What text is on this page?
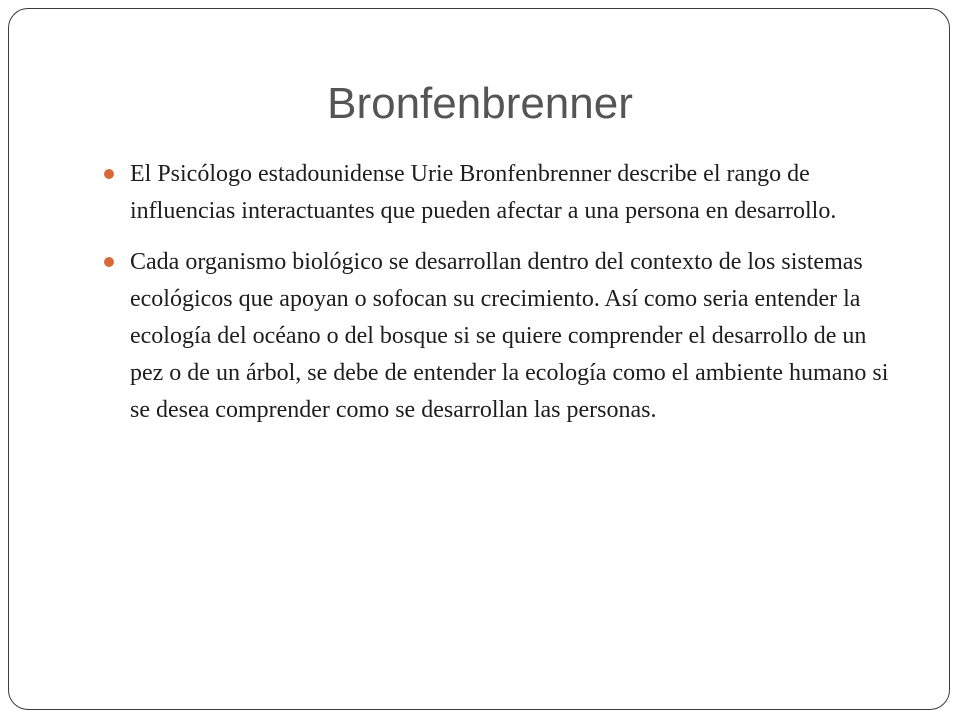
Bronfenbrenner
El Psicólogo estadounidense Urie Bronfenbrenner describe el rango de influencias interactuantes que pueden afectar a una persona en desarrollo.
Cada organismo biológico se desarrollan dentro del contexto de los sistemas ecológicos que apoyan o sofocan su crecimiento. Así como seria entender la ecología del océano o del bosque si se quiere comprender el desarrollo de un pez o de un árbol, se debe de entender la ecología como el ambiente humano si se desea comprender como se desarrollan las personas.
